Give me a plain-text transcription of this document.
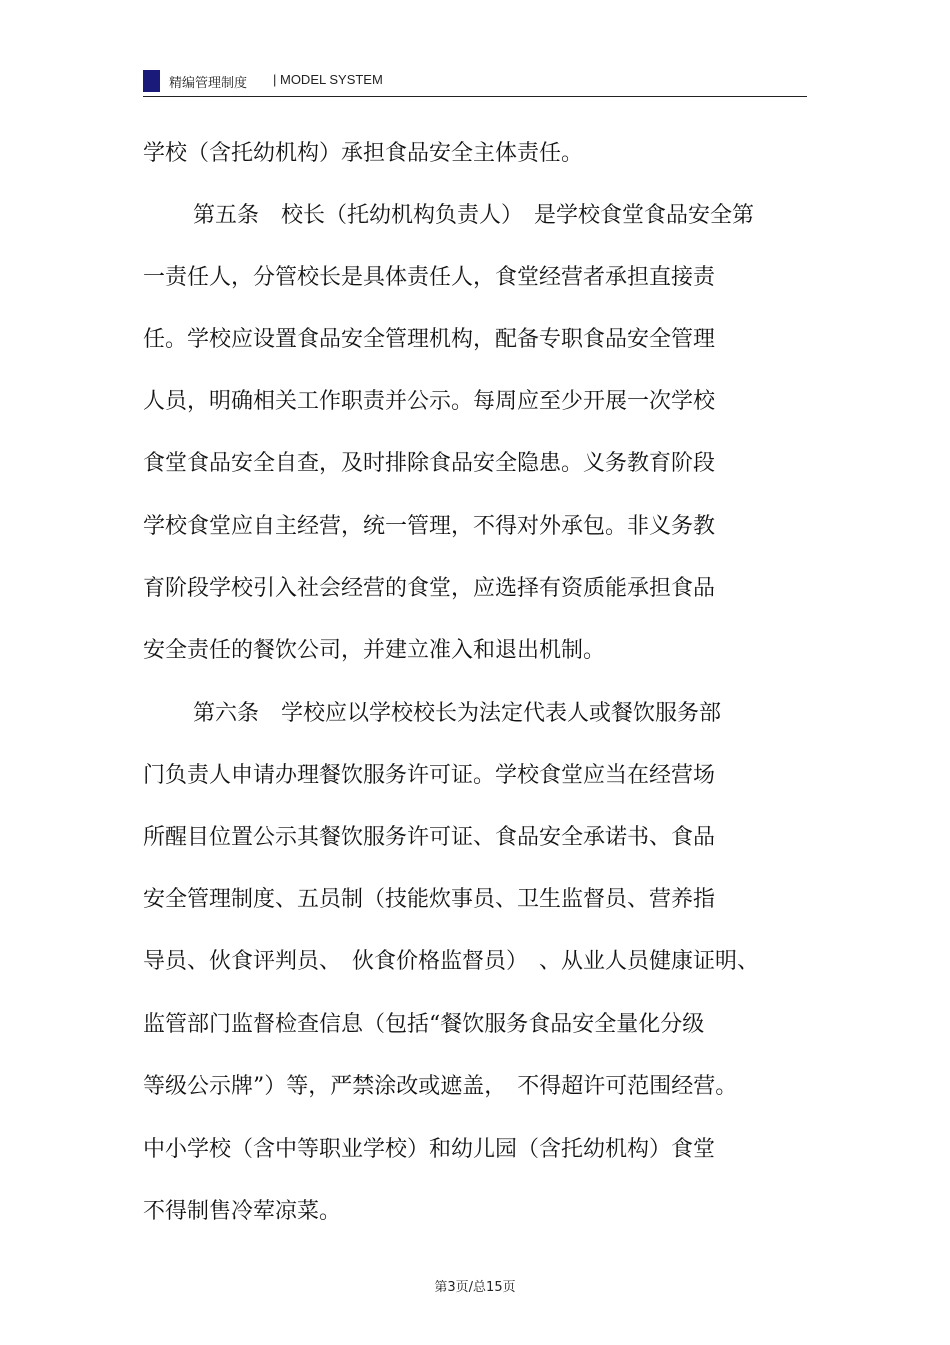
精编管理制度 | MODEL SYSTEM
学校（含托幼机构）承担食品安全主体责任。
第五条　校长（托幼机构负责人）　是学校食堂食品安全第
一责任人，分管校长是具体责任人，食堂经营者承担直接责
任。学校应设置食品安全管理机构，配备专职食品安全管理
人员，明确相关工作职责并公示。每周应至少开展一次学校
食堂食品安全自查，及时排除食品安全隐患。义务教育阶段
学校食堂应自主经营，统一管理，不得对外承包。非义务教
育阶段学校引入社会经营的食堂，应选择有资质能承担食品
安全责任的餐饮公司，并建立准入和退出机制。
第六条　学校应以学校校长为法定代表人或餐饮服务部
门负责人申请办理餐饮服务许可证。学校食堂应当在经营场
所醒目位置公示其餐饮服务许可证、食品安全承诺书、食品
安全管理制度、五员制（技能炊事员、卫生监督员、营养指
导员、伙食评判员、　伙食价格监督员）　、从业人员健康证明、
监管部门监督检查信息（包括“餐饮服务食品安全量化分级
等级公示牌”）等，严禁涂改或遮盖，　不得超许可范围经营。
中小学校（含中等职业学校）和幼儿园（含托幼机构）食堂
不得制售冷荤凉菜。
第3页/总15页
